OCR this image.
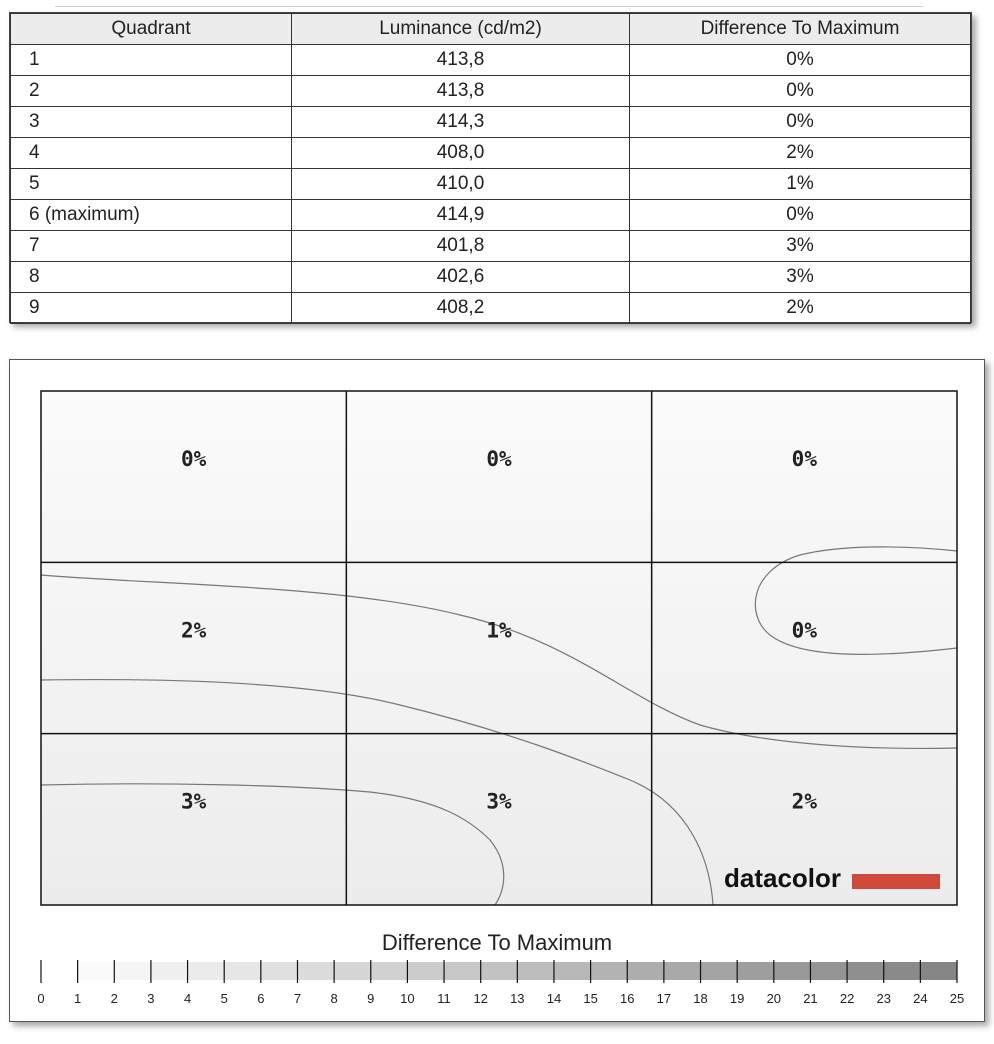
Quadrant	Luminance (cd/m2)	Difference To Maximum
1	413,8	0%
2	413,8	0%
3	414,3	0%
4	408,0	2%
5	410,0	1%
6 (maximum)	414,9	0%
7	401,8	3%
8	402,6	3%
9	408,2	2%
0%	0%	0%
2%	1%	0%
3%	3%	2%
datacolor
Difference To Maximum
0 1 2 3 4 5 6 7 8 9 10 11 12 13 14 15 16 17 18 19 20 21 22 23 24 25
